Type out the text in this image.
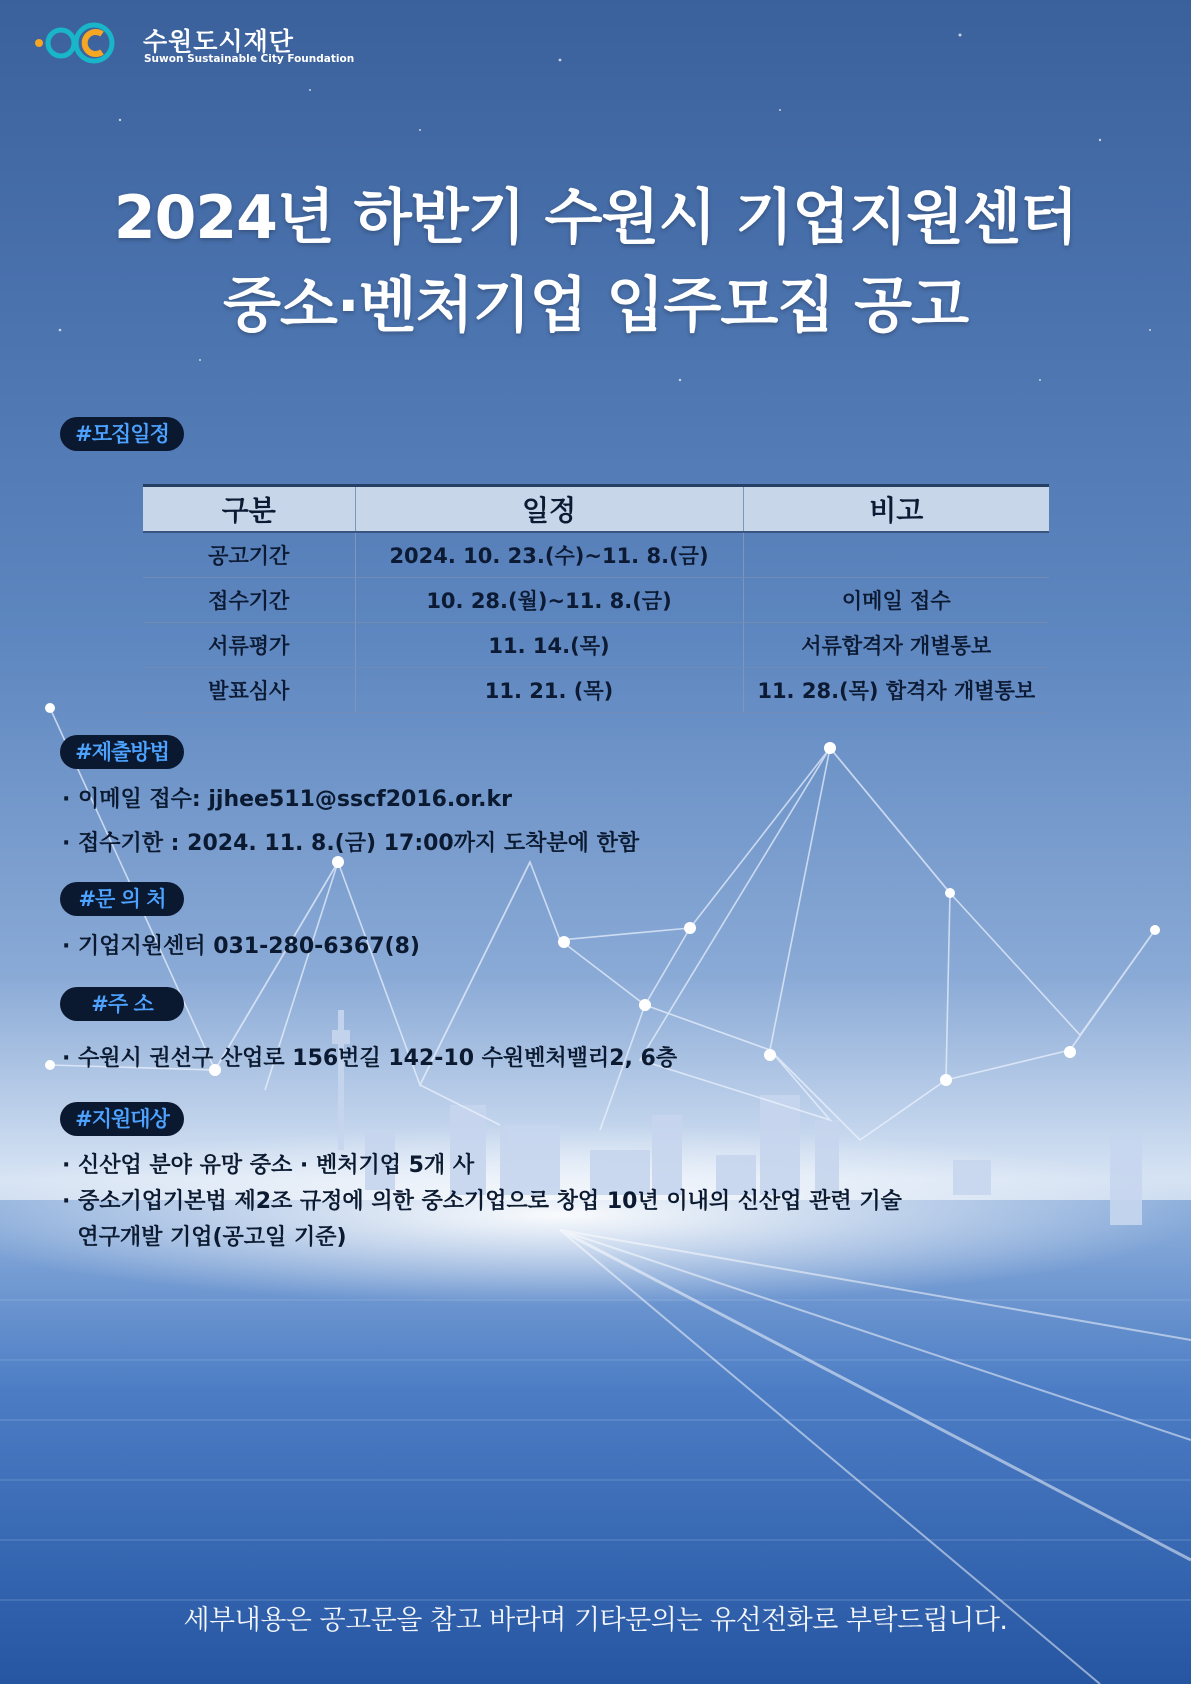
수원도시재단
Suwon Sustainable City Foundation
2024년 하반기 수원시 기업지원센터
중소·벤처기업 입주모집 공고
#모집일정
구분	일정	비고
공고기간	2024. 10. 23.(수)~11. 8.(금)	
접수기간	10. 28.(월)~11. 8.(금)	이메일 접수
서류평가	11. 14.(목)	서류합격자 개별통보
발표심사	11. 21. (목)	11. 28.(목) 합격자 개별통보
#제출방법
· 이메일 접수: jjhee511@sscf2016.or.kr
· 접수기한 : 2024. 11. 8.(금) 17:00까지 도착분에 한함
#문 의 처
· 기업지원센터 031-280-6367(8)
#주 소
· 수원시 권선구 산업로 156번길 142-10 수원벤처밸리2, 6층
#지원대상
· 신산업 분야 유망 중소 · 벤처기업 5개 사
· 중소기업기본법 제2조 규정에 의한 중소기업으로 창업 10년 이내의 신산업 관련 기술
연구개발 기업(공고일 기준)
세부내용은 공고문을 참고 바라며 기타문의는 유선전화로 부탁드립니다.
